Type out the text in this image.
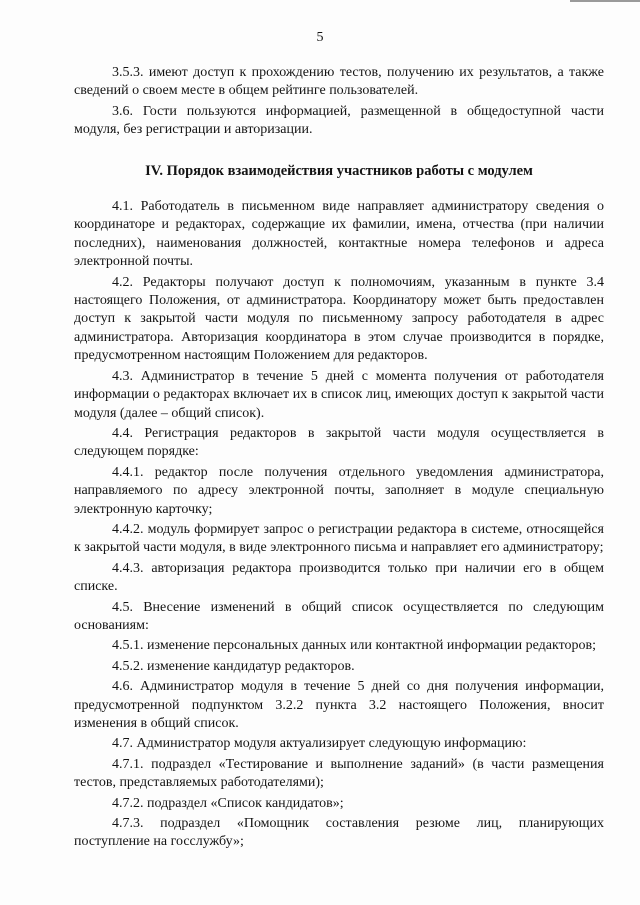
5

3.5.3. имеют доступ к прохождению тестов, получению их результатов, а также сведений о своем месте в общем рейтинге пользователей.

3.6. Гости пользуются информацией, размещенной в общедоступной части модуля, без регистрации и авторизации.

IV. Порядок взаимодействия участников работы с модулем

4.1. Работодатель в письменном виде направляет администратору сведения о координаторе и редакторах, содержащие их фамилии, имена, отчества (при наличии последних), наименования должностей, контактные номера телефонов и адреса электронной почты.

4.2. Редакторы получают доступ к полномочиям, указанным в пункте 3.4 настоящего Положения, от администратора. Координатору может быть предоставлен доступ к закрытой части модуля по письменному запросу работодателя в адрес администратора. Авторизация координатора в этом случае производится в порядке, предусмотренном настоящим Положением для редакторов.

4.3. Администратор в течение 5 дней с момента получения от работодателя информации о редакторах включает их в список лиц, имеющих доступ к закрытой части модуля (далее – общий список).

4.4. Регистрация редакторов в закрытой части модуля осуществляется в следующем порядке:

4.4.1. редактор после получения отдельного уведомления администратора, направляемого по адресу электронной почты, заполняет в модуле специальную электронную карточку;

4.4.2. модуль формирует запрос о регистрации редактора в системе, относящейся к закрытой части модуля, в виде электронного письма и направляет его администратору;

4.4.3. авторизация редактора производится только при наличии его в общем списке.

4.5. Внесение изменений в общий список осуществляется по следующим основаниям:

4.5.1. изменение персональных данных или контактной информации редакторов;

4.5.2. изменение кандидатур редакторов.

4.6. Администратор модуля в течение 5 дней со дня получения информации, предусмотренной подпунктом 3.2.2 пункта 3.2 настоящего Положения, вносит изменения в общий список.

4.7. Администратор модуля актуализирует следующую информацию:

4.7.1. подраздел «Тестирование и выполнение заданий» (в части размещения тестов, представляемых работодателями);

4.7.2. подраздел «Список кандидатов»;

4.7.3. подраздел «Помощник составления резюме лиц, планирующих поступление на госслужбу»;
